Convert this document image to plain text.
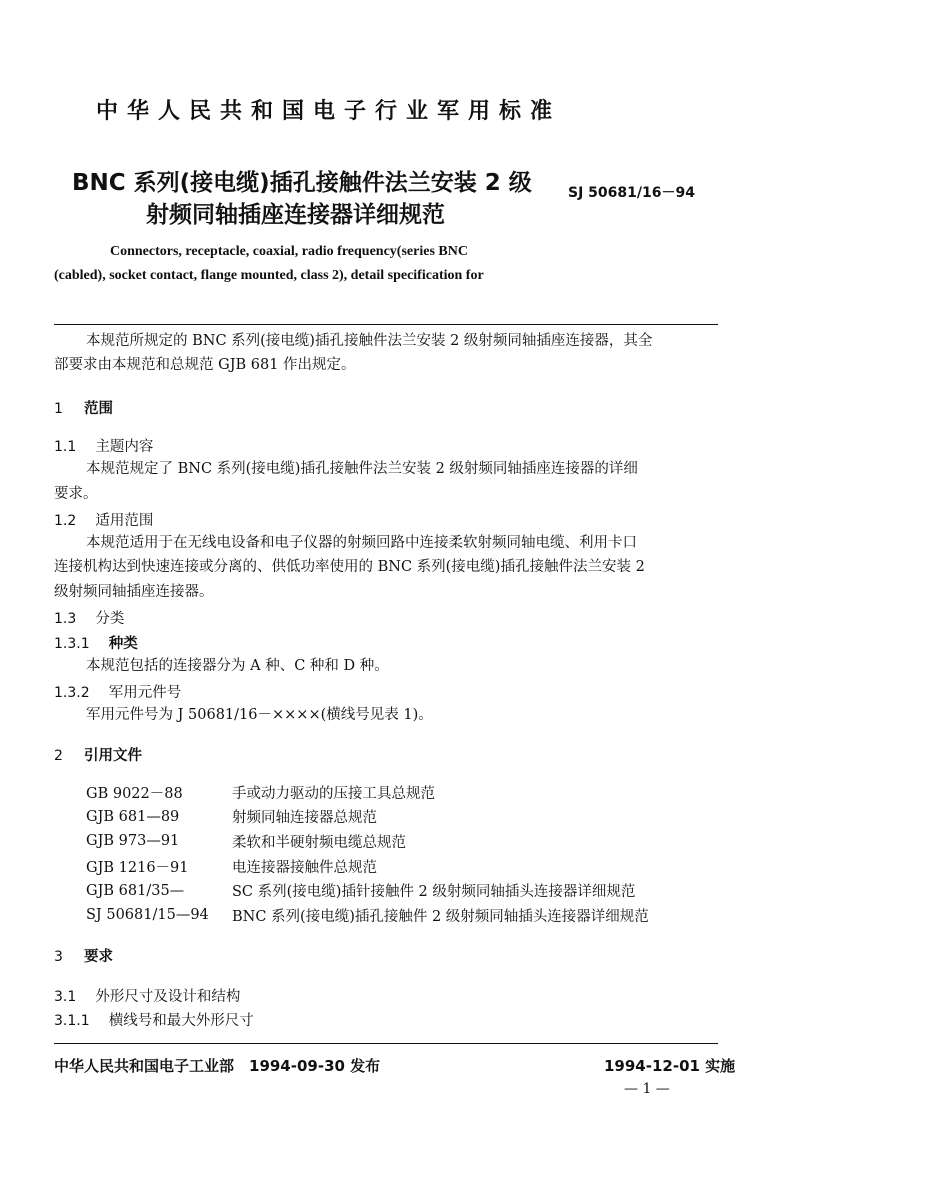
中华人民共和国电子行业军用标准
BNC 系列(接电缆)插孔接触件法兰安装 2 级
射频同轴插座连接器详细规范
SJ 50681/16－94
Connectors, receptacle, coaxial, radio frequency(series BNC
(cabled), socket contact, flange mounted, class 2), detail specification for
本规范所规定的 BNC 系列(接电缆)插孔接触件法兰安装 2 级射频同轴插座连接器，其全
部要求由本规范和总规范 GJB 681 作出规定。
1 范围
1.1 主题内容
本规范规定了 BNC 系列(接电缆)插孔接触件法兰安装 2 级射频同轴插座连接器的详细
要求。
1.2 适用范围
本规范适用于在无线电设备和电子仪器的射频回路中连接柔软射频同轴电缆、利用卡口
连接机构达到快速连接或分离的、供低功率使用的 BNC 系列(接电缆)插孔接触件法兰安装 2
级射频同轴插座连接器。
1.3 分类
1.3.1 种类
本规范包括的连接器分为 A 种、C 种和 D 种。
1.3.2 军用元件号
军用元件号为 J 50681/16－××××(横线号见表 1)。
2 引用文件
GB 9022－88	手或动力驱动的压接工具总规范
GJB 681—89	射频同轴连接器总规范
GJB 973—91	柔软和半硬射频电缆总规范
GJB 1216－91	电连接器接触件总规范
GJB 681/35—	SC 系列(接电缆)插针接触件 2 级射频同轴插头连接器详细规范
SJ 50681/15—94	BNC 系列(接电缆)插孔接触件 2 级射频同轴插头连接器详细规范
3 要求
3.1 外形尺寸及设计和结构
3.1.1 横线号和最大外形尺寸
中华人民共和国电子工业部　1994-09-30 发布	1994-12-01 实施
— 1 —
